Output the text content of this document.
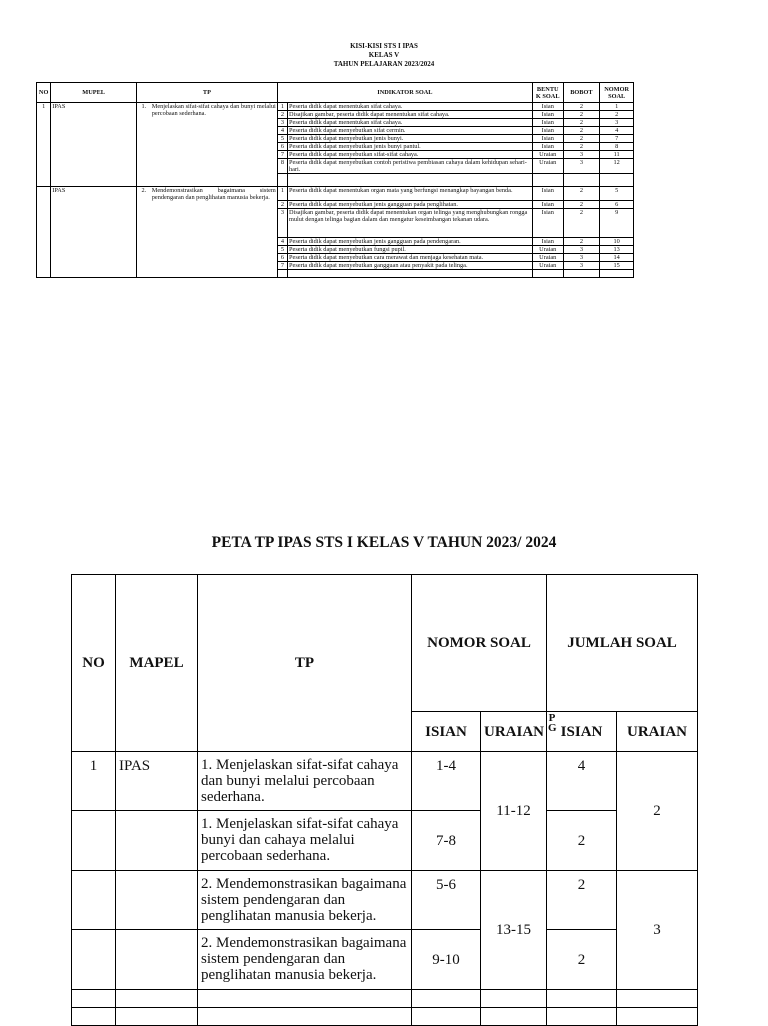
KISI-KISI STS I IPAS
KELAS V
TAHUN PELAJARAN 2023/2024
NO	MUPEL	TP		INDIKATOR SOAL		BENTU K SOAL	BOBOT	NOMOR SOAL
1	IPAS	1.	Menjelaskan sifat-sifat cahaya dan bunyi melalui percobaan sederhana.	1	Peserta didik dapat menentukan sifat cahaya.	Isian	2	1
				2	Disajikan gambar, peserta didik dapat menentukan sifat cahaya.	Isian	2	2
				3	Peserta didik dapat menentukan sifat cahaya.	Isian	2	3
				4	Peserta didik dapat menyebutkan sifat cermin.	Isian	2	4
				5	Peserta didik dapat menyebutkan jenis bunyi.	Isian	2	7
				6	Peserta didik dapat menyebutkan jenis bunyi pantul.	Isian	2	8
				7	Peserta didik dapat menyebutkan sifat-sifat cahaya.	Uraian	3	11
				8	Peserta didik dapat menyebutkan contoh peristiwa pembiasan cahaya dalam kehidupan sehari-hari.	Uraian	3	12

	IPAS	2.	Mendemonstrasikan bagaimana sistem pendengaran dan penglihatan manusia bekerja.	1	Peserta didik dapat menentukan organ mata yang berfungsi menangkap bayangan benda.	Isian	2	5
				2	Peserta didik dapat menyebutkan jenis gangguan pada penglihatan.	Isian	2	6
				3	Disajikan gambar, peserta didik dapat menentukan organ telinga yang menghubungkan rongga mulut dengan telinga bagian dalam dan mengatur keseimbangan tekanan udara.	Isian	2	9
				4	Peserta didik dapat menyebutkan jenis gangguan pada pendengaran.	Isian	2	10
				5	Peserta didik dapat menyebutkan fungsi pupil.	Uraian	3	13
				6	Peserta didik dapat menyebutkan cara merawat dan menjaga kesehatan mata.	Uraian	3	14
				7	Peserta didik dapat menyebutkan gangguan atau penyakit pada telinga.	Uraian	3	15

PETA TP IPAS STS I KELAS V TAHUN 2023/ 2024
NO	MAPEL	TP	NOMOR SOAL		JUMLAH SOAL	
			ISIAN	URAIAN	PG ISIAN	URAIAN
1	IPAS	1. Menjelaskan sifat-sifat cahaya dan bunyi melalui percobaan sederhana.	1-4	11-12	4	2
		1. Menjelaskan sifat-sifat cahaya bunyi dan cahaya melalui percobaan sederhana.	7-8		2	
		2. Mendemonstrasikan bagaimana sistem pendengaran dan penglihatan manusia bekerja.	5-6	13-15	2	3
		2. Mendemonstrasikan bagaimana sistem pendengaran dan penglihatan manusia bekerja.	9-10		2	
